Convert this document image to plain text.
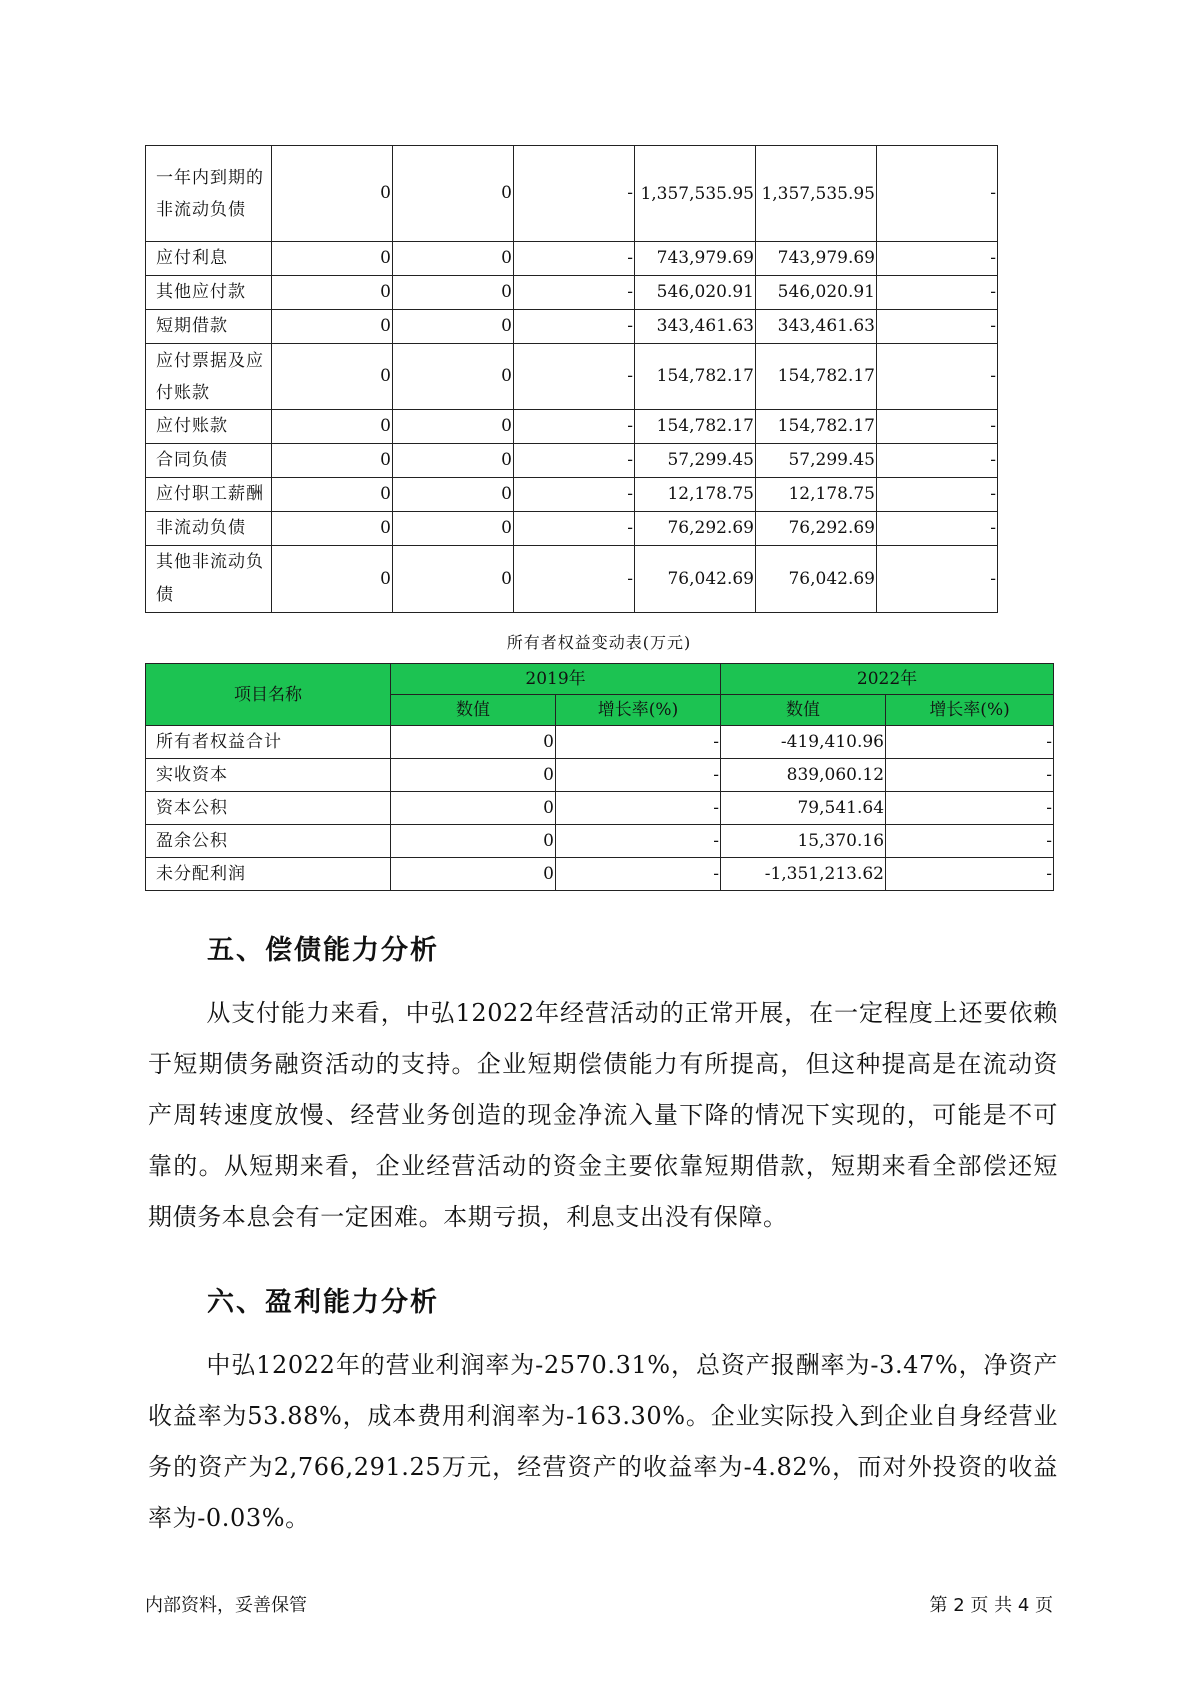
一年内到期的非流动负债	0	0	-	1,357,535.95	1,357,535.95	-
应付利息	0	0	-	743,979.69	743,979.69	-
其他应付款	0	0	-	546,020.91	546,020.91	-
短期借款	0	0	-	343,461.63	343,461.63	-
应付票据及应付账款	0	0	-	154,782.17	154,782.17	-
应付账款	0	0	-	154,782.17	154,782.17	-
合同负债	0	0	-	57,299.45	57,299.45	-
应付职工薪酬	0	0	-	12,178.75	12,178.75	-
非流动负债	0	0	-	76,292.69	76,292.69	-
其他非流动负债	0	0	-	76,042.69	76,042.69	-
所有者权益变动表(万元)
项目名称	2019年		2022年	
	数值	增长率(%)	数值	增长率(%)
所有者权益合计	0	-	-419,410.96	-
实收资本	0	-	839,060.12	-
资本公积	0	-	79,541.64	-
盈余公积	0	-	15,370.16	-
未分配利润	0	-	-1,351,213.62	-
五、偿债能力分析
从支付能力来看，中弘12022年经营活动的正常开展，在一定程度上还要依赖于短期债务融资活动的支持。企业短期偿债能力有所提高，但这种提高是在流动资产周转速度放慢、经营业务创造的现金净流入量下降的情况下实现的，可能是不可靠的。从短期来看，企业经营活动的资金主要依靠短期借款，短期来看全部偿还短期债务本息会有一定困难。本期亏损，利息支出没有保障。
六、盈利能力分析
中弘12022年的营业利润率为-2570.31%，总资产报酬率为-3.47%，净资产收益率为53.88%，成本费用利润率为-163.30%。企业实际投入到企业自身经营业务的资产为2,766,291.25万元，经营资产的收益率为-4.82%，而对外投资的收益率为-0.03%。
内部资料，妥善保管	第 2 页 共 4 页
